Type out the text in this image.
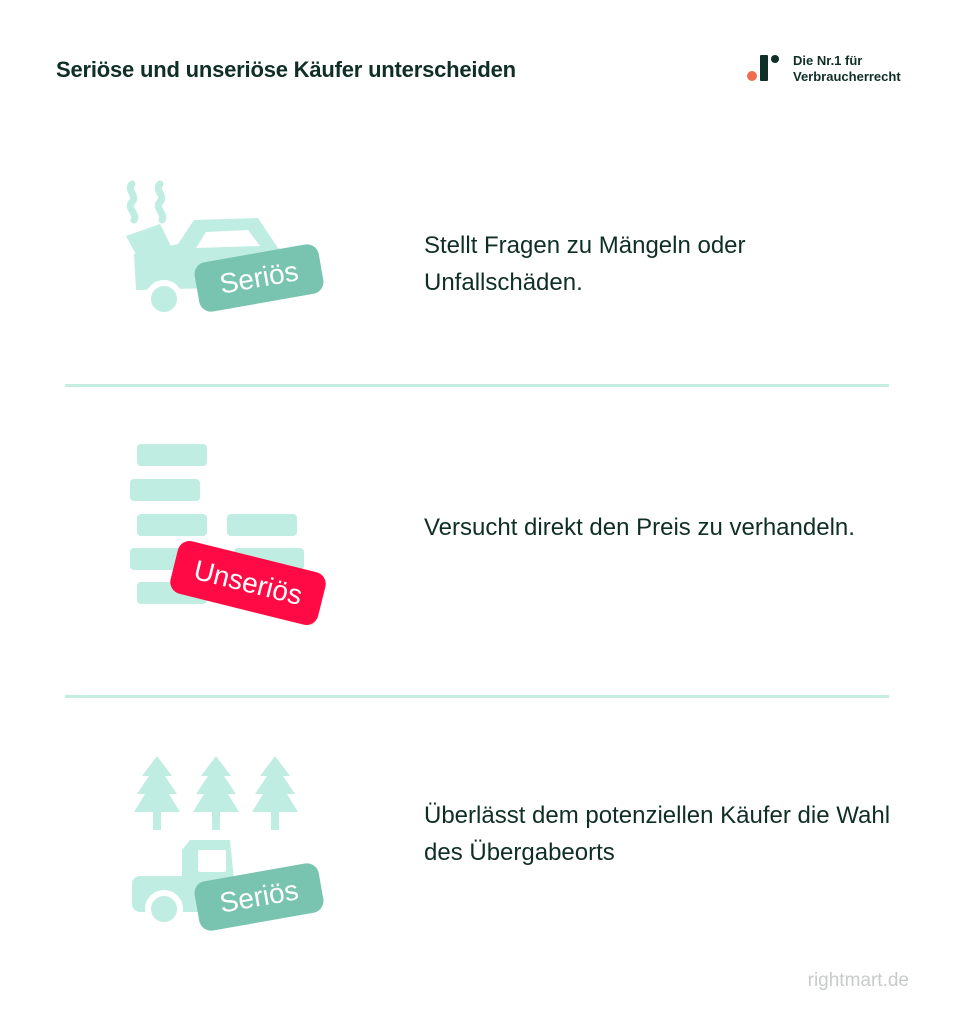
Seriöse und unseriöse Käufer unterscheiden	Die Nr.1 für
Verbraucherrecht
Seriös
Stellt Fragen zu Mängeln oder Unfallschäden.
Unseriös
Versucht direkt den Preis zu verhandeln.
Seriös
Überlässt dem potenziellen Käufer die Wahl des Übergabeorts
rightmart.de
